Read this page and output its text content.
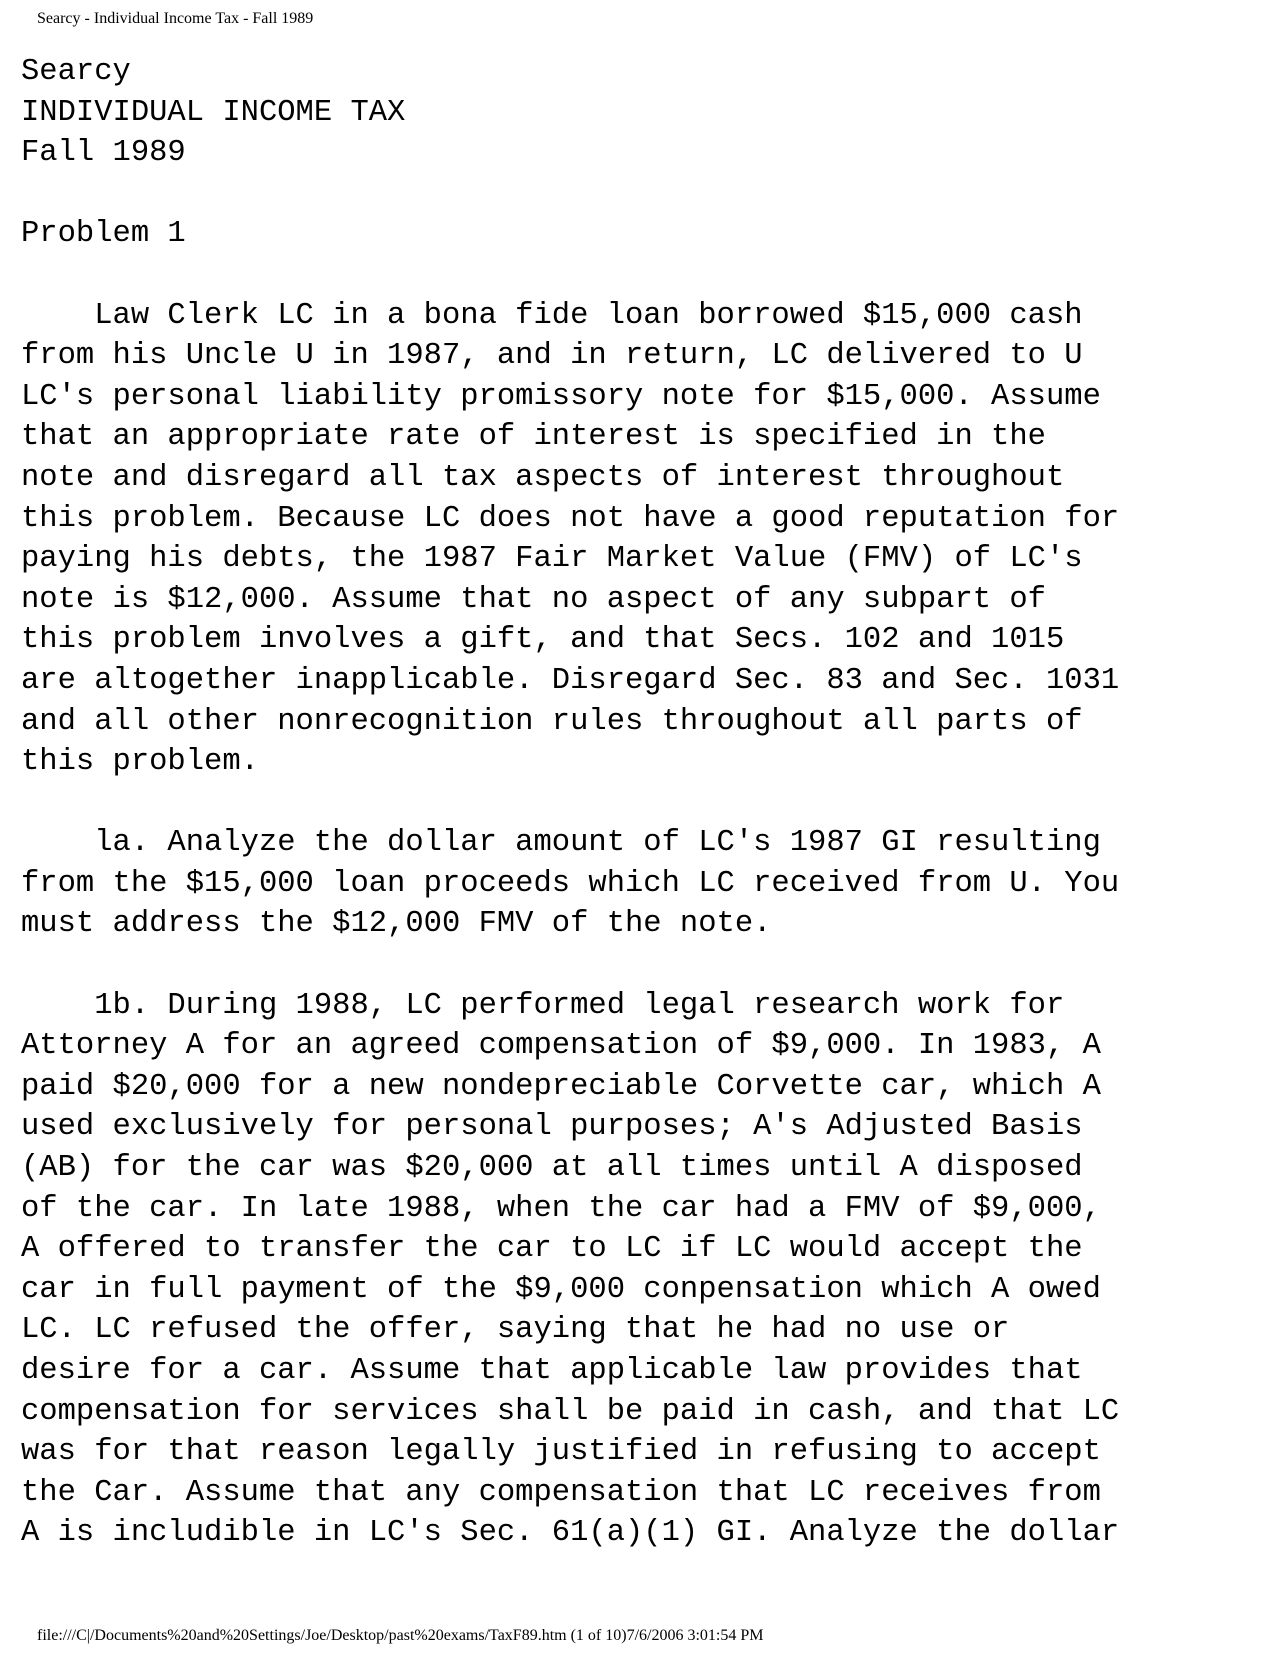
Searcy - Individual Income Tax - Fall 1989
Searcy
INDIVIDUAL INCOME TAX
Fall 1989
Problem 1
Law Clerk LC in a bona fide loan borrowed $15,000 cash
from his Uncle U in 1987, and in return, LC delivered to U
LC's personal liability promissory note for $15,000. Assume
that an appropriate rate of interest is specified in the
note and disregard all tax aspects of interest throughout
this problem. Because LC does not have a good reputation for
paying his debts, the 1987 Fair Market Value (FMV) of LC's
note is $12,000. Assume that no aspect of any subpart of
this problem involves a gift, and that Secs. 102 and 1015
are altogether inapplicable. Disregard Sec. 83 and Sec. 1031
and all other nonrecognition rules throughout all parts of
this problem.
la. Analyze the dollar amount of LC's 1987 GI resulting
from the $15,000 loan proceeds which LC received from U. You
must address the $12,000 FMV of the note.
1b. During 1988, LC performed legal research work for
Attorney A for an agreed compensation of $9,000. In 1983, A
paid $20,000 for a new nondepreciable Corvette car, which A
used exclusively for personal purposes; A's Adjusted Basis
(AB) for the car was $20,000 at all times until A disposed
of the car. In late 1988, when the car had a FMV of $9,000,
A offered to transfer the car to LC if LC would accept the
car in full payment of the $9,000 conpensation which A owed
LC. LC refused the offer, saying that he had no use or
desire for a car. Assume that applicable law provides that
compensation for services shall be paid in cash, and that LC
was for that reason legally justified in refusing to accept
the Car. Assume that any compensation that LC receives from
A is includible in LC's Sec. 61(a)(1) GI. Analyze the dollar
file:///C|/Documents%20and%20Settings/Joe/Desktop/past%20exams/TaxF89.htm (1 of 10)7/6/2006 3:01:54 PM
